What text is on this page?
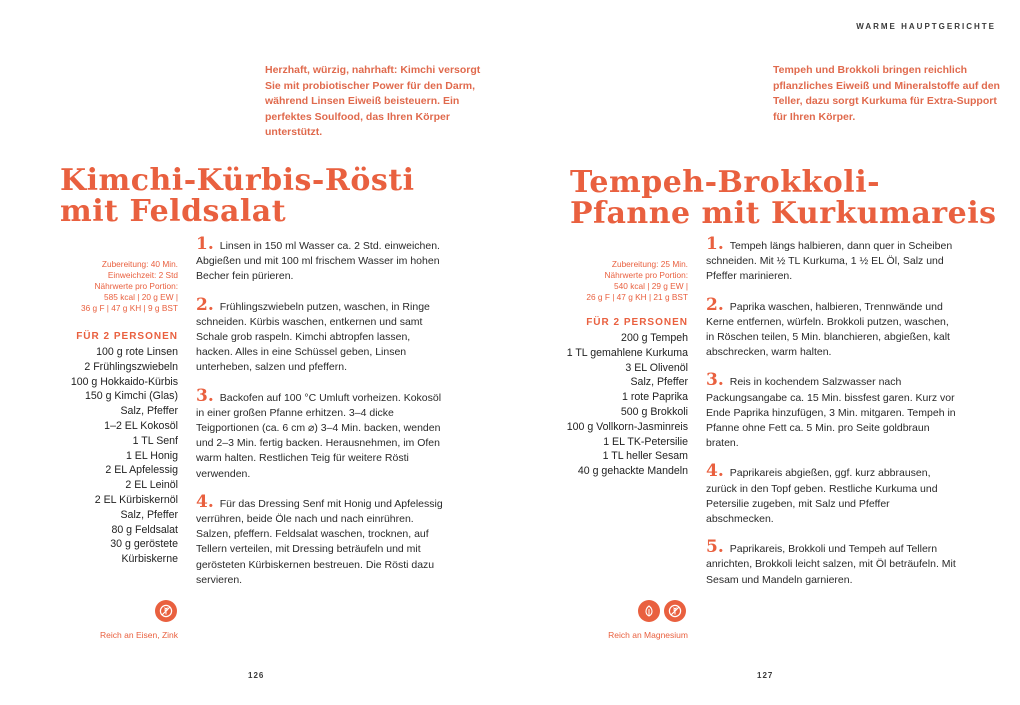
Herzhaft, würzig, nahrhaft: Kimchi versorgt Sie mit probiotischer Power für den Darm, während Linsen Eiweiß beisteuern. Ein perfektes Soulfood, das Ihren Körper unterstützt.
Kimchi-Kürbis-Rösti
mit Feldsalat
Zubereitung: 40 Min.
Einweichzeit: 2 Std
Nährwerte pro Portion:
585 kcal | 20 g EW |
36 g F | 47 g KH | 9 g BST
FÜR 2 PERSONEN
100 g rote Linsen
2 Frühlingszwiebeln
100 g Hokkaido-Kürbis
150 g Kimchi (Glas)
Salz, Pfeffer
1–2 EL Kokosöl
1 TL Senf
1 EL Honig
2 EL Apfelessig
2 EL Leinöl
2 EL Kürbiskernöl
Salz, Pfeffer
80 g Feldsalat
30 g geröstete
Kürbiskerne

1. Linsen in 150 ml Wasser ca. 2 Std. einweichen. Abgießen und mit 100 ml frischem Wasser im hohen Becher fein pürieren.

2. Frühlingszwiebeln putzen, waschen, in Ringe schneiden. Kürbis waschen, entkernen und samt Schale grob raspeln. Kimchi abtropfen lassen, hacken. Alles in eine Schüssel geben, Linsen unterheben, salzen und pfeffern.

3. Backofen auf 100 °C Umluft vorheizen. Kokosöl in einer großen Pfanne erhitzen. 3–4 dicke Teigportionen (ca. 6 cm ⌀) 3–4 Min. backen, wenden und 2–3 Min. fertig backen. Herausnehmen, im Ofen warm halten. Restlichen Teig für weitere Rösti verwenden.

4. Für das Dressing Senf mit Honig und Apfelessig verrühren, beide Öle nach und nach einrühren. Salzen, pfeffern. Feldsalat waschen, trocknen, auf Tellern verteilen, mit Dressing beträufeln und mit gerösteten Kürbiskernen bestreuen. Die Rösti dazu servieren.

Reich an Eisen, Zink
126
WARME HAUPTGERICHTE
Tempeh und Brokkoli bringen reichlich pflanzliches Eiweiß und Mineralstoffe auf den Teller, dazu sorgt Kurkuma für Extra-Support für Ihren Körper.
Tempeh-Brokkoli-
Pfanne mit Kurkumareis
Zubereitung: 25 Min.
Nährwerte pro Portion:
540 kcal | 29 g EW |
26 g F | 47 g KH | 21 g BST
FÜR 2 PERSONEN
200 g Tempeh
1 TL gemahlene Kurkuma
3 EL Olivenöl
Salz, Pfeffer
1 rote Paprika
500 g Brokkoli
100 g Vollkorn-Jasminreis
1 EL TK-Petersilie
1 TL heller Sesam
40 g gehackte Mandeln

1. Tempeh längs halbieren, dann quer in Scheiben schneiden. Mit ½ TL Kurkuma, 1 ½ EL Öl, Salz und Pfeffer marinieren.

2. Paprika waschen, halbieren, Trennwände und Kerne entfernen, würfeln. Brokkoli putzen, waschen, in Röschen teilen, 5 Min. blanchieren, abgießen, kalt abschrecken, warm halten.

3. Reis in kochendem Salzwasser nach Packungsangabe ca. 15 Min. bissfest garen. Kurz vor Ende Paprika hinzufügen, 3 Min. mitgaren. Tempeh in Pfanne ohne Fett ca. 5 Min. pro Seite goldbraun braten.

4. Paprikareis abgießen, ggf. kurz abbrausen, zurück in den Topf geben. Restliche Kurkuma und Petersilie zugeben, mit Salz und Pfeffer abschmecken.

5. Paprikareis, Brokkoli und Tempeh auf Tellern anrichten, Brokkoli leicht salzen, mit Öl beträufeln. Mit Sesam und Mandeln garnieren.

Reich an Magnesium
127
